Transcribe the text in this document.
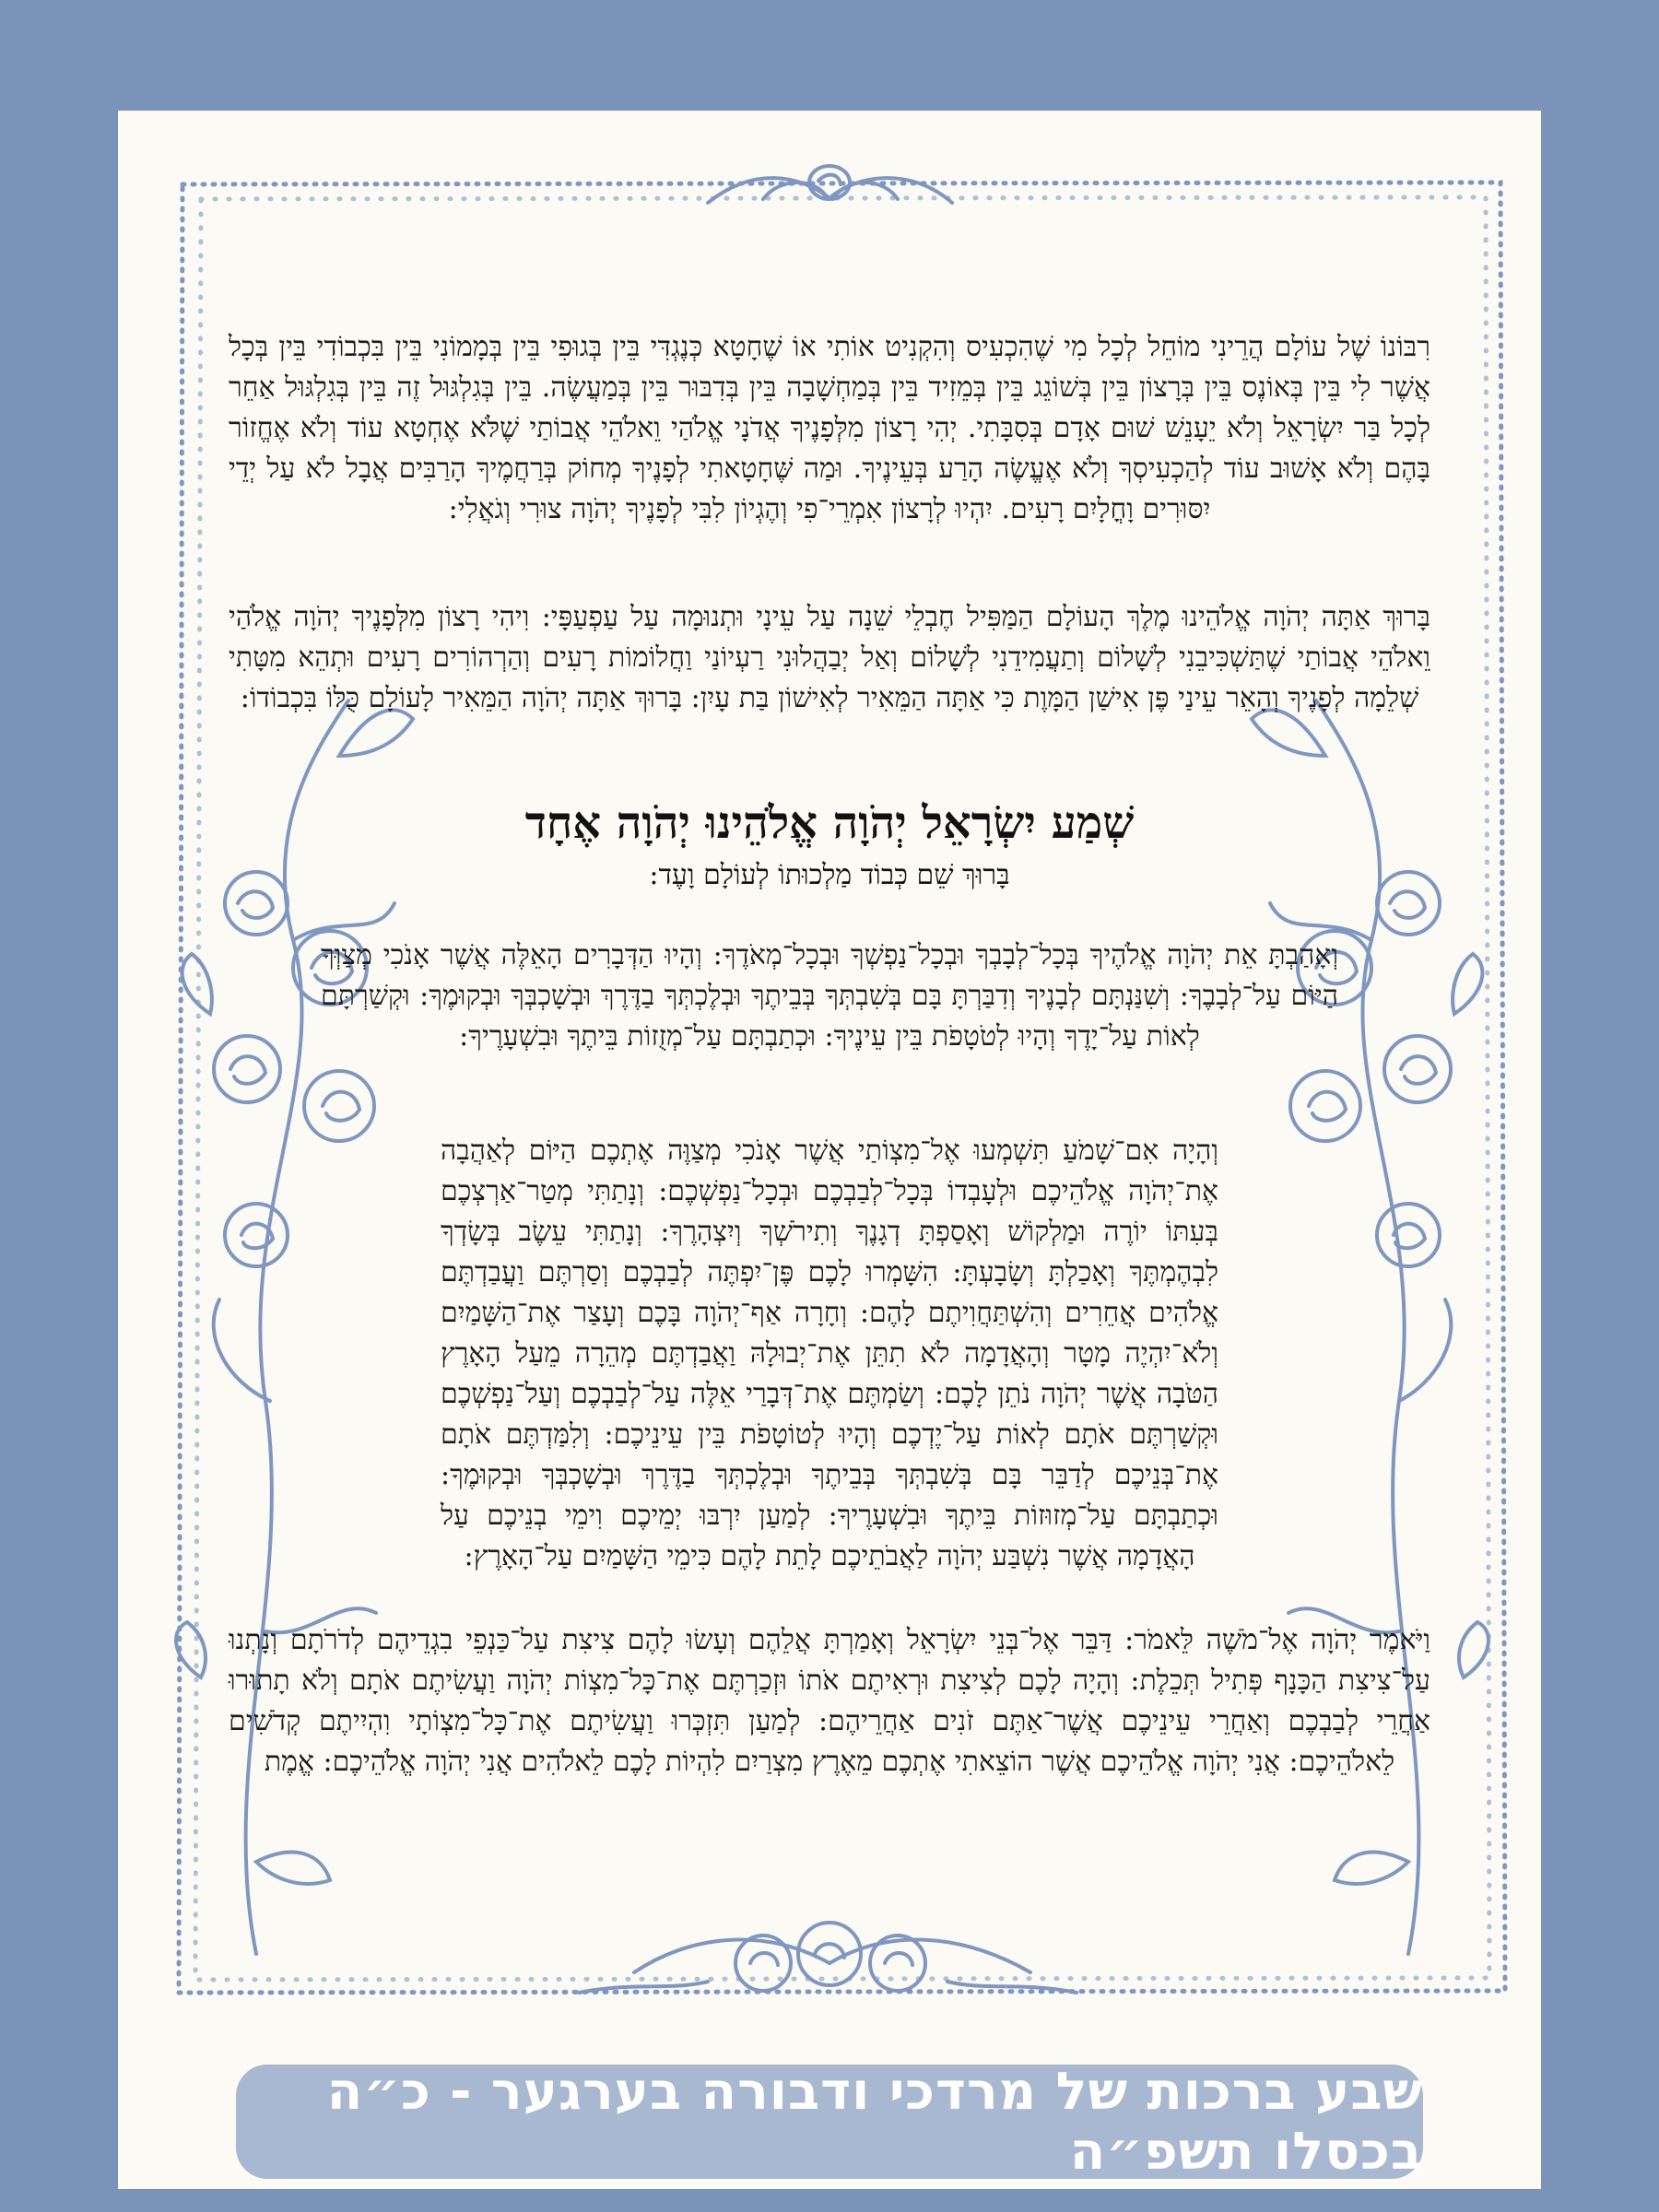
רִבּוֹנוֹ שֶׁל עוֹלָם הֲרֵינִי מוֹחֵל לְכָל מִי שֶׁהִכְעִיס וְהִקְנִיט אוֹתִי אוֹ שֶׁחָטָא כְּנֶגְדִּי בֵּין בְּגוּפִי בֵּין בְּמָמוֹנִי בֵּין בִּכְבוֹדִי בֵּין בְּכָל אֲשֶׁר לִי בֵּין בְּאוֹנֶס בֵּין בְּרָצוֹן בֵּין בְּשׁוֹגֵג בֵּין בְּמֵזִיד בֵּין בְּמַחְשָׁבָה בֵּין בְּדִבּוּר בֵּין בְּמַעֲשֶׂה. בֵּין בְּגִלְגּוּל זֶה בֵּין בְּגִלְגּוּל אַחֵר לְכָל בַּר יִשְׂרָאֵל וְלֹא יֵעָנֵשׁ שׁוּם אָדָם בְּסִבָּתִי. יְהִי רָצוֹן מִלְּפָנֶיךָ אֲדֹנָי אֱלֹהַי וֵאלֹהֵי אֲבוֹתַי שֶׁלֹּא אֶחְטָא עוֹד וְלֹא אֶחֱזוֹר בָּהֶם וְלֹא אָשׁוּב עוֹד לְהַכְעִיסְךָ וְלֹא אֶעֱשֶׂה הָרַע בְּעֵינֶיךָ. וּמַה שֶּׁחָטָאתִי לְפָנֶיךָ מְחוֹק בְּרַחֲמֶיךָ הָרַבִּים אֲבָל לֹא עַל יְדֵי יִסּוּרִים וָחֳלָיִם רָעִים. יִהְיוּ לְרָצוֹן אִמְרֵי־פִי וְהֶגְיוֹן לִבִּי לְפָנֶיךָ יְהֹוָה צוּרִי וְגֹאֲלִי:

בָּרוּךְ אַתָּה יְהֹוָה אֱלֹהֵינוּ מֶלֶךְ הָעוֹלָם הַמַּפִּיל חֶבְלֵי שֵׁנָה עַל עֵינָי וּתְנוּמָה עַל עַפְעַפָּי: וִיהִי רָצוֹן מִלְּפָנֶיךָ יְהֹוָה אֱלֹהַי וֵאלֹהֵי אֲבוֹתַי שֶׁתַּשְׁכִּיבֵנִי לְשָׁלוֹם וְתַעֲמִידֵנִי לְשָׁלוֹם וְאַל יְבַהֲלוּנִי רַעְיוֹנַי וַחֲלוֹמוֹת רָעִים וְהַרְהוֹרִים רָעִים וּתְהֵא מִטָּתִי שְׁלֵמָה לְפָנֶיךָ וְהָאֵר עֵינַי פֶּן אִישַׁן הַמָּוֶת כִּי אַתָּה הַמֵּאִיר לְאִישׁוֹן בַּת עָיִן: בָּרוּךְ אַתָּה יְהֹוָה הַמֵּאִיר לָעוֹלָם כֻּלּוֹ בִּכְבוֹדוֹ:

שְׁמַע יִשְׂרָאֵל יְהֹוָה אֱלֹהֵינוּ יְהֹוָה אֶחָד

בָּרוּךְ שֵׁם כְּבוֹד מַלְכוּתוֹ לְעוֹלָם וָעֶד:

וְאָהַבְתָּ אֵת יְהֹוָה אֱלֹהֶיךָ בְּכָל־לְבָבְךָ וּבְכָל־נַפְשְׁךָ וּבְכָל־מְאֹדֶךָ: וְהָיוּ הַדְּבָרִים הָאֵלֶּה אֲשֶׁר אָנֹכִי מְצַוְּךָ הַיּוֹם עַל־לְבָבֶךָ: וְשִׁנַּנְתָּם לְבָנֶיךָ וְדִבַּרְתָּ בָּם בְּשִׁבְתְּךָ בְּבֵיתֶךָ וּבְלֶכְתְּךָ בַדֶּרֶךְ וּבְשָׁכְבְּךָ וּבְקוּמֶךָ: וּקְשַׁרְתָּם לְאוֹת עַל־יָדֶךָ וְהָיוּ לְטֹטָפֹת בֵּין עֵינֶיךָ: וּכְתַבְתָּם עַל־מְזֻזוֹת בֵּיתֶךָ וּבִשְׁעָרֶיךָ:

וְהָיָה אִם־שָׁמֹעַ תִּשְׁמְעוּ אֶל־מִצְוֹתַי אֲשֶׁר אָנֹכִי מְצַוֶּה אֶתְכֶם הַיּוֹם לְאַהֲבָה אֶת־יְהֹוָה אֱלֹהֵיכֶם וּלְעָבְדוֹ בְּכָל־לְבַבְכֶם וּבְכָל־נַפְשְׁכֶם: וְנָתַתִּי מְטַר־אַרְצְכֶם בְּעִתּוֹ יוֹרֶה וּמַלְקוֹשׁ וְאָסַפְתָּ דְגָנֶךָ וְתִירֹשְׁךָ וְיִצְהָרֶךָ: וְנָתַתִּי עֵשֶׂב בְּשָׂדְךָ לִבְהֶמְתֶּךָ וְאָכַלְתָּ וְשָׂבָעְתָּ: הִשָּׁמְרוּ לָכֶם פֶּן־יִפְתֶּה לְבַבְכֶם וְסַרְתֶּם וַעֲבַדְתֶּם אֱלֹהִים אֲחֵרִים וְהִשְׁתַּחֲוִיתֶם לָהֶם: וְחָרָה אַף־יְהֹוָה בָּכֶם וְעָצַר אֶת־הַשָּׁמַיִם וְלֹא־יִהְיֶה מָטָר וְהָאֲדָמָה לֹא תִתֵּן אֶת־יְבוּלָהּ וַאֲבַדְתֶּם מְהֵרָה מֵעַל הָאָרֶץ הַטֹּבָה אֲשֶׁר יְהֹוָה נֹתֵן לָכֶם: וְשַׂמְתֶּם אֶת־דְּבָרַי אֵלֶּה עַל־לְבַבְכֶם וְעַל־נַפְשְׁכֶם וּקְשַׁרְתֶּם אֹתָם לְאוֹת עַל־יֶדְכֶם וְהָיוּ לְטוֹטָפֹת בֵּין עֵינֵיכֶם: וְלִמַּדְתֶּם אֹתָם אֶת־בְּנֵיכֶם לְדַבֵּר בָּם בְּשִׁבְתְּךָ בְּבֵיתֶךָ וּבְלֶכְתְּךָ בַדֶּרֶךְ וּבְשָׁכְבְּךָ וּבְקוּמֶךָ: וּכְתַבְתָּם עַל־מְזוּזוֹת בֵּיתֶךָ וּבִשְׁעָרֶיךָ: לְמַעַן יִרְבּוּ יְמֵיכֶם וִימֵי בְנֵיכֶם עַל הָאֲדָמָה אֲשֶׁר נִשְׁבַּע יְהֹוָה לַאֲבֹתֵיכֶם לָתֵת לָהֶם כִּימֵי הַשָּׁמַיִם עַל־הָאָרֶץ:

וַיֹּאמֶר יְהֹוָה אֶל־מֹשֶׁה לֵּאמֹר: דַּבֵּר אֶל־בְּנֵי יִשְׂרָאֵל וְאָמַרְתָּ אֲלֵהֶם וְעָשׂוּ לָהֶם צִיצִת עַל־כַּנְפֵי בִגְדֵיהֶם לְדֹרֹתָם וְנָתְנוּ עַל־צִיצִת הַכָּנָף פְּתִיל תְּכֵלֶת: וְהָיָה לָכֶם לְצִיצִת וּרְאִיתֶם אֹתוֹ וּזְכַרְתֶּם אֶת־כָּל־מִצְוֹת יְהֹוָה וַעֲשִׂיתֶם אֹתָם וְלֹא תָתוּרוּ אַחֲרֵי לְבַבְכֶם וְאַחֲרֵי עֵינֵיכֶם אֲשֶׁר־אַתֶּם זֹנִים אַחֲרֵיהֶם: לְמַעַן תִּזְכְּרוּ וַעֲשִׂיתֶם אֶת־כָּל־מִצְוֹתָי וִהְיִיתֶם קְדֹשִׁים לֵאלֹהֵיכֶם: אֲנִי יְהֹוָה אֱלֹהֵיכֶם אֲשֶׁר הוֹצֵאתִי אֶתְכֶם מֵאֶרֶץ מִצְרַיִם לִהְיוֹת לָכֶם לֵאלֹהִים אֲנִי יְהֹוָה אֱלֹהֵיכֶם: אֱמֶת

שבע ברכות של מרדכי ודבורה בערגער - כ״ה בכסלו תשפ״ה
